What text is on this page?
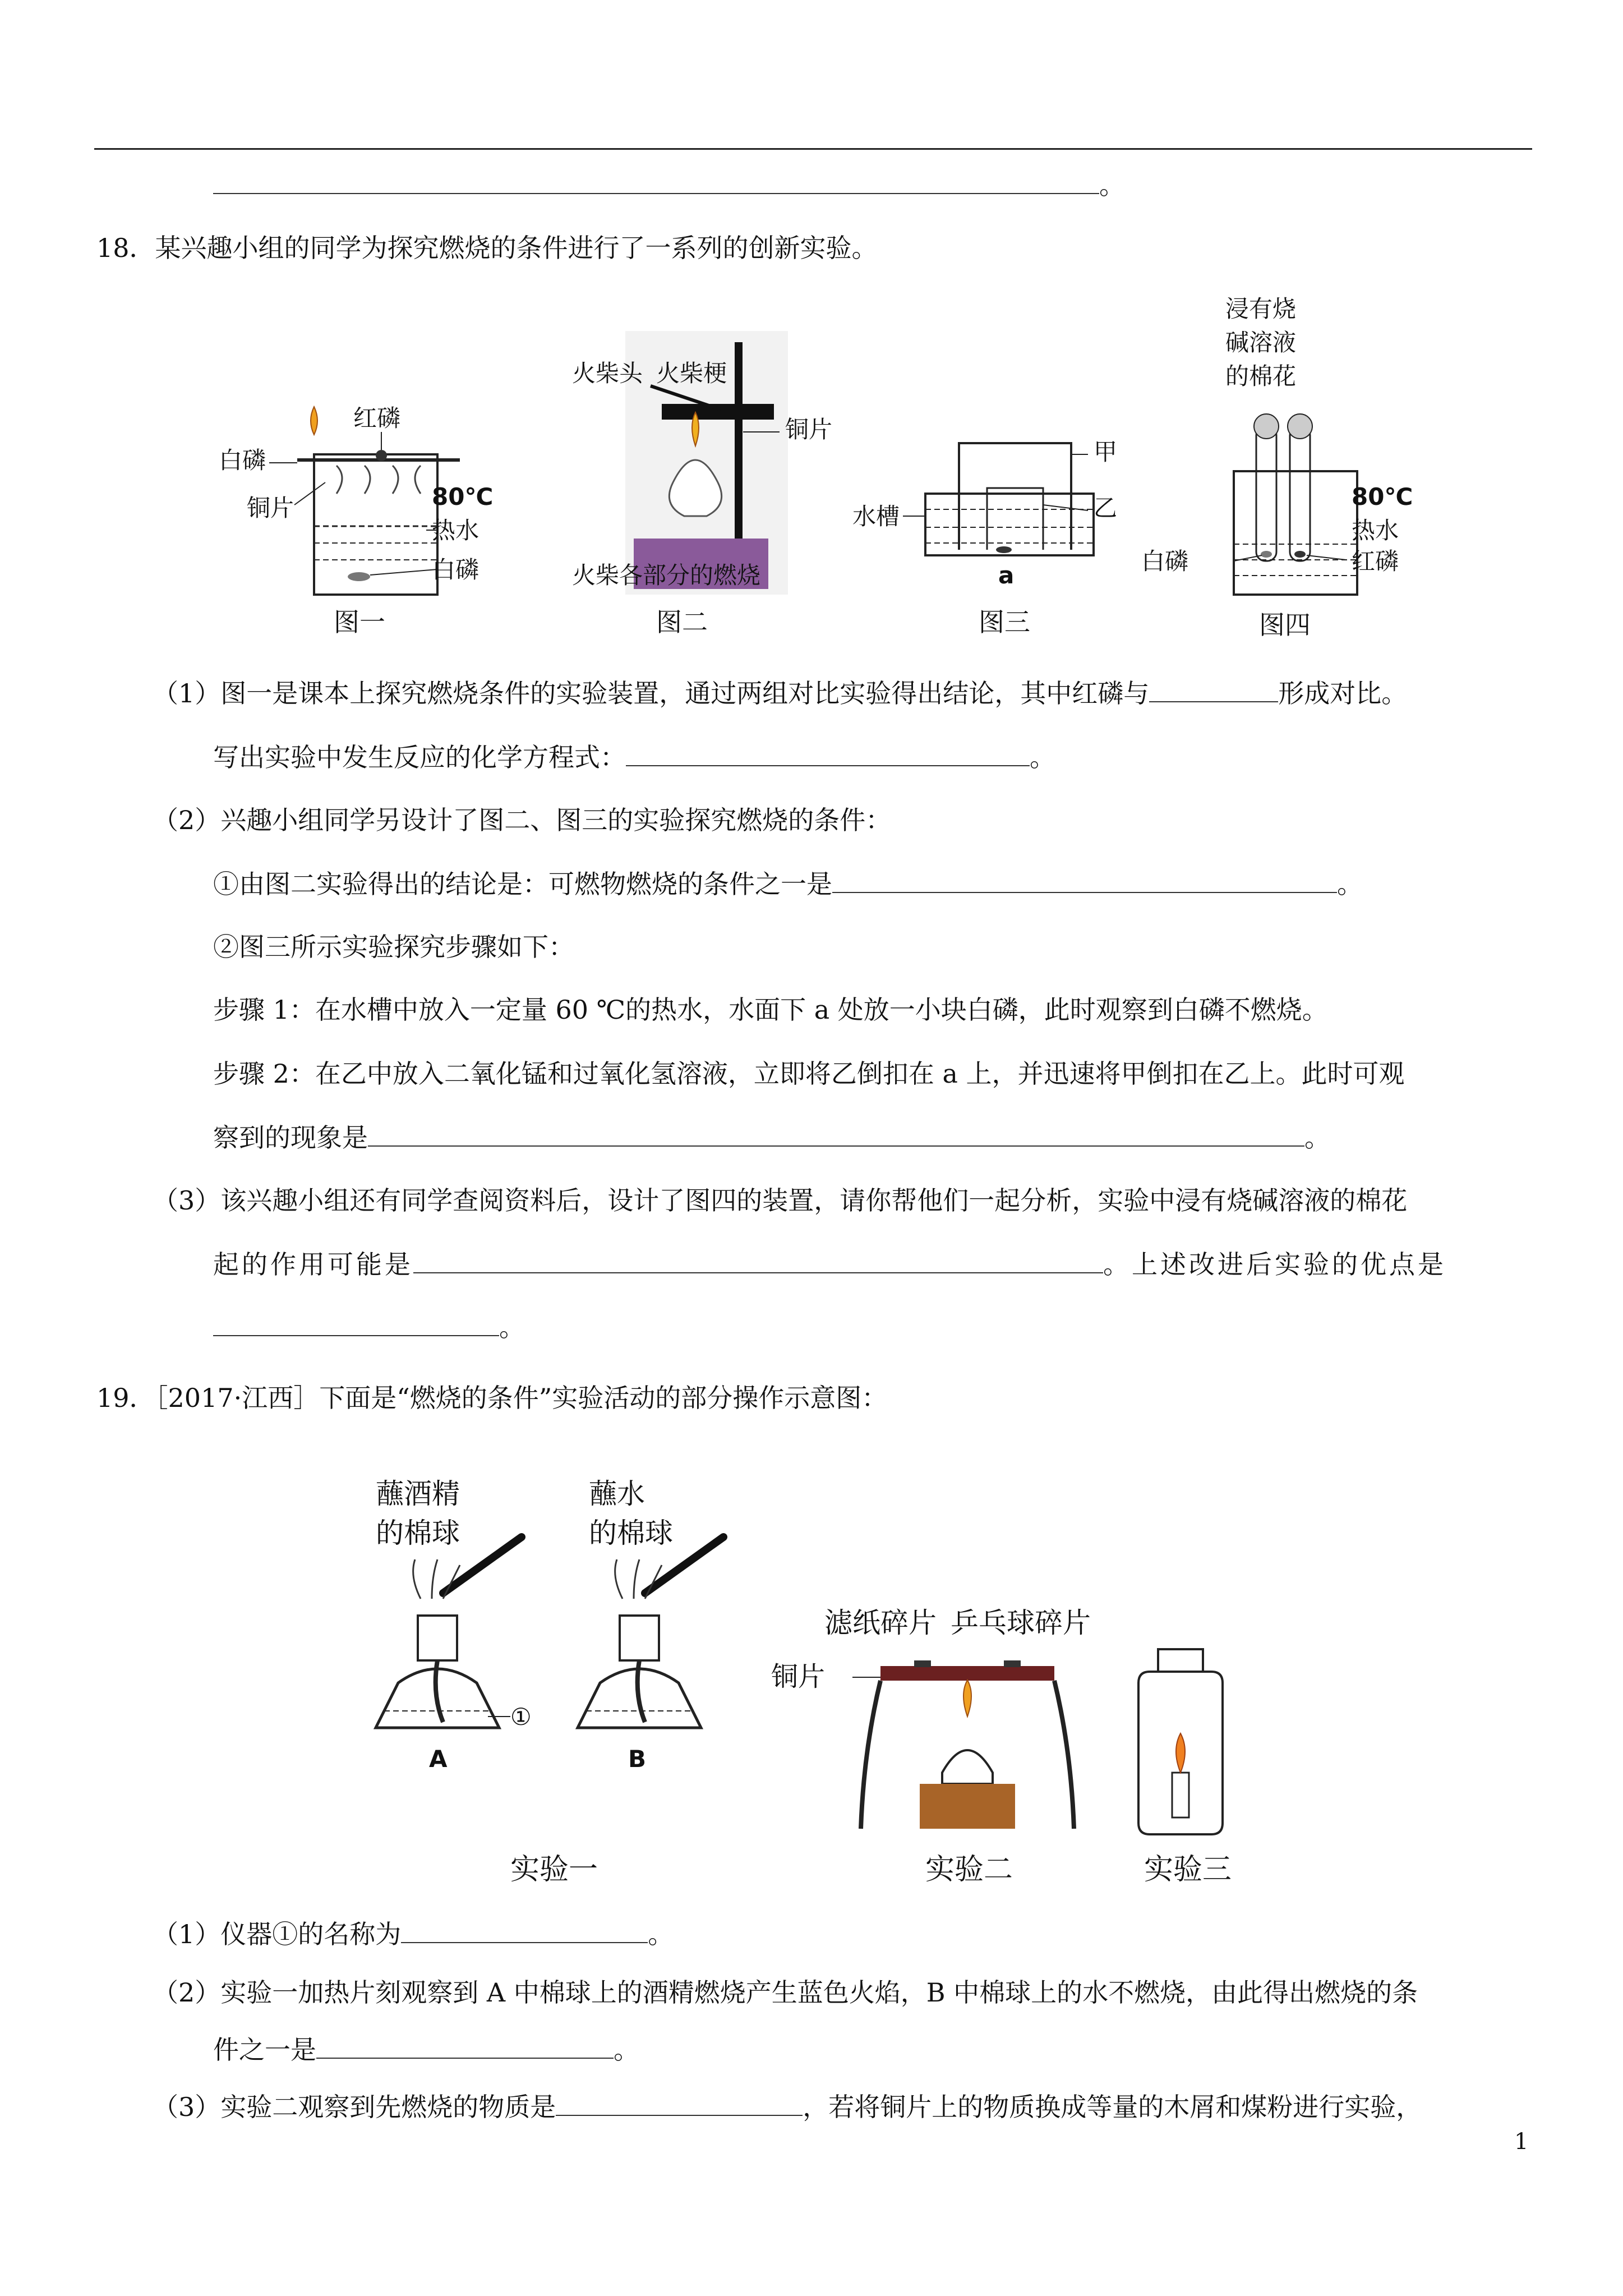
。
18．某兴趣小组的同学为探究燃烧的条件进行了一系列的创新实验。
白磷
红磷
铜片	80℃
热水
白磷
图一
火柴头 火柴梗
铜片
火柴各部分的燃烧
图二
甲
乙
水槽
a
图三
浸有烧
碱溶液
的棉花
80℃
热水
白磷	红磷
图四
（1）图一是课本上探究燃烧条件的实验装置，通过两组对比实验得出结论，其中红磷与	形成对比。
写出实验中发生反应的化学方程式：	。
（2）兴趣小组同学另设计了图二、图三的实验探究燃烧的条件：
①由图二实验得出的结论是：可燃物燃烧的条件之一是	。
②图三所示实验探究步骤如下：
步骤 1：在水槽中放入一定量 60 ℃的热水，水面下 a 处放一小块白磷，此时观察到白磷不燃烧。
步骤 2：在乙中放入二氧化锰和过氧化氢溶液，立即将乙倒扣在 a 上，并迅速将甲倒扣在乙上。此时可观
察到的现象是	。
（3）该兴趣小组还有同学查阅资料后，设计了图四的装置，请你帮他们一起分析，实验中浸有烧碱溶液的棉花
起的作用可能是	。上述改进后实验的优点是
。
19．［2017·江西］下面是“燃烧的条件”实验活动的部分操作示意图：
蘸酒精
的棉球
①
A
蘸水
的棉球
B
实验一
滤纸碎片 乒乓球碎片
铜片
实验二	实验三
（1）仪器①的名称为	。
（2）实验一加热片刻观察到 A 中棉球上的酒精燃烧产生蓝色火焰，B 中棉球上的水不燃烧，由此得出燃烧的条
件之一是	。
（3）实验二观察到先燃烧的物质是	，若将铜片上的物质换成等量的木屑和煤粉进行实验，
1
